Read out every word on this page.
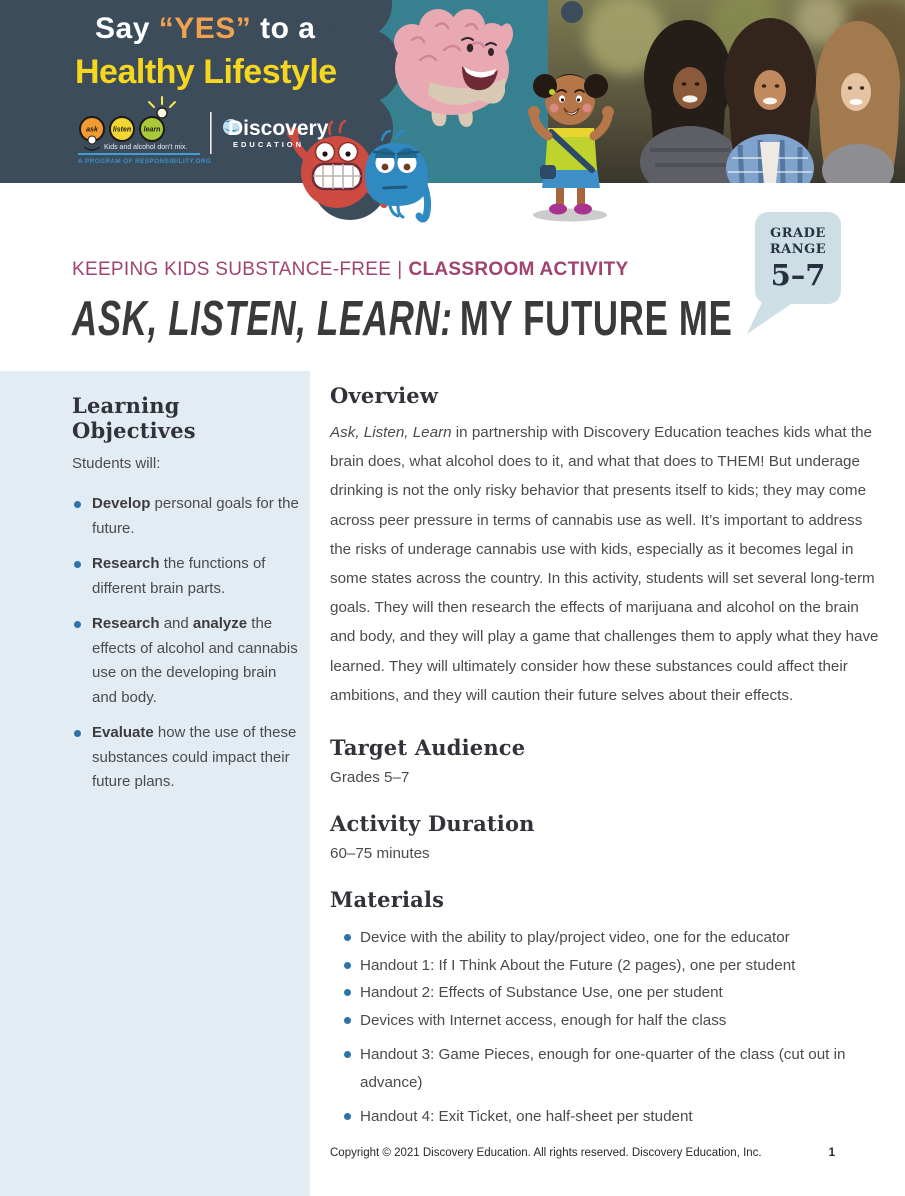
ask listen learn
Kids and alcohol don’t mix.
A PROGRAM OF RESPONSIBILITY.ORG
Discovery
EDUCATION
Say “YES” to a
Healthy Lifestyle
GRADE
RANGE
5–7
KEEPING KIDS SUBSTANCE-FREE | CLASSROOM ACTIVITY
ASK, LISTEN, LEARN: MY FUTURE ME
Learning Objectives
Students will:
Develop personal goals for the future.
Research the functions of different brain parts.
Research and analyze the effects of alcohol and cannabis use on the developing brain and body.
Evaluate how the use of these substances could impact their future plans.
Overview

Ask, Listen, Learn in partnership with Discovery Education teaches kids what the brain does, what alcohol does to it, and what that does to THEM! But underage drinking is not the only risky behavior that presents itself to kids; they may come across peer pressure in terms of cannabis use as well. It’s important to address the risks of underage cannabis use with kids, especially as it becomes legal in some states across the country. In this activity, students will set several long-term goals. They will then research the effects of marijuana and alcohol on the brain and body, and they will play a game that challenges them to apply what they have learned. They will ultimately consider how these substances could affect their ambitions, and they will caution their future selves about their effects.

Target Audience
Grades 5–7
Activity Duration
60–75 minutes
Materials
Device with the ability to play/project video, one for the educator
Handout 1: If I Think About the Future (2 pages), one per student
Handout 2: Effects of Substance Use, one per student
Devices with Internet access, enough for half the class
Handout 3: Game Pieces, enough for one-quarter of the class (cut out in advance)
Handout 4: Exit Ticket, one half-sheet per student
Copyright © 2021 Discovery Education. All rights reserved. Discovery Education, Inc.	1
